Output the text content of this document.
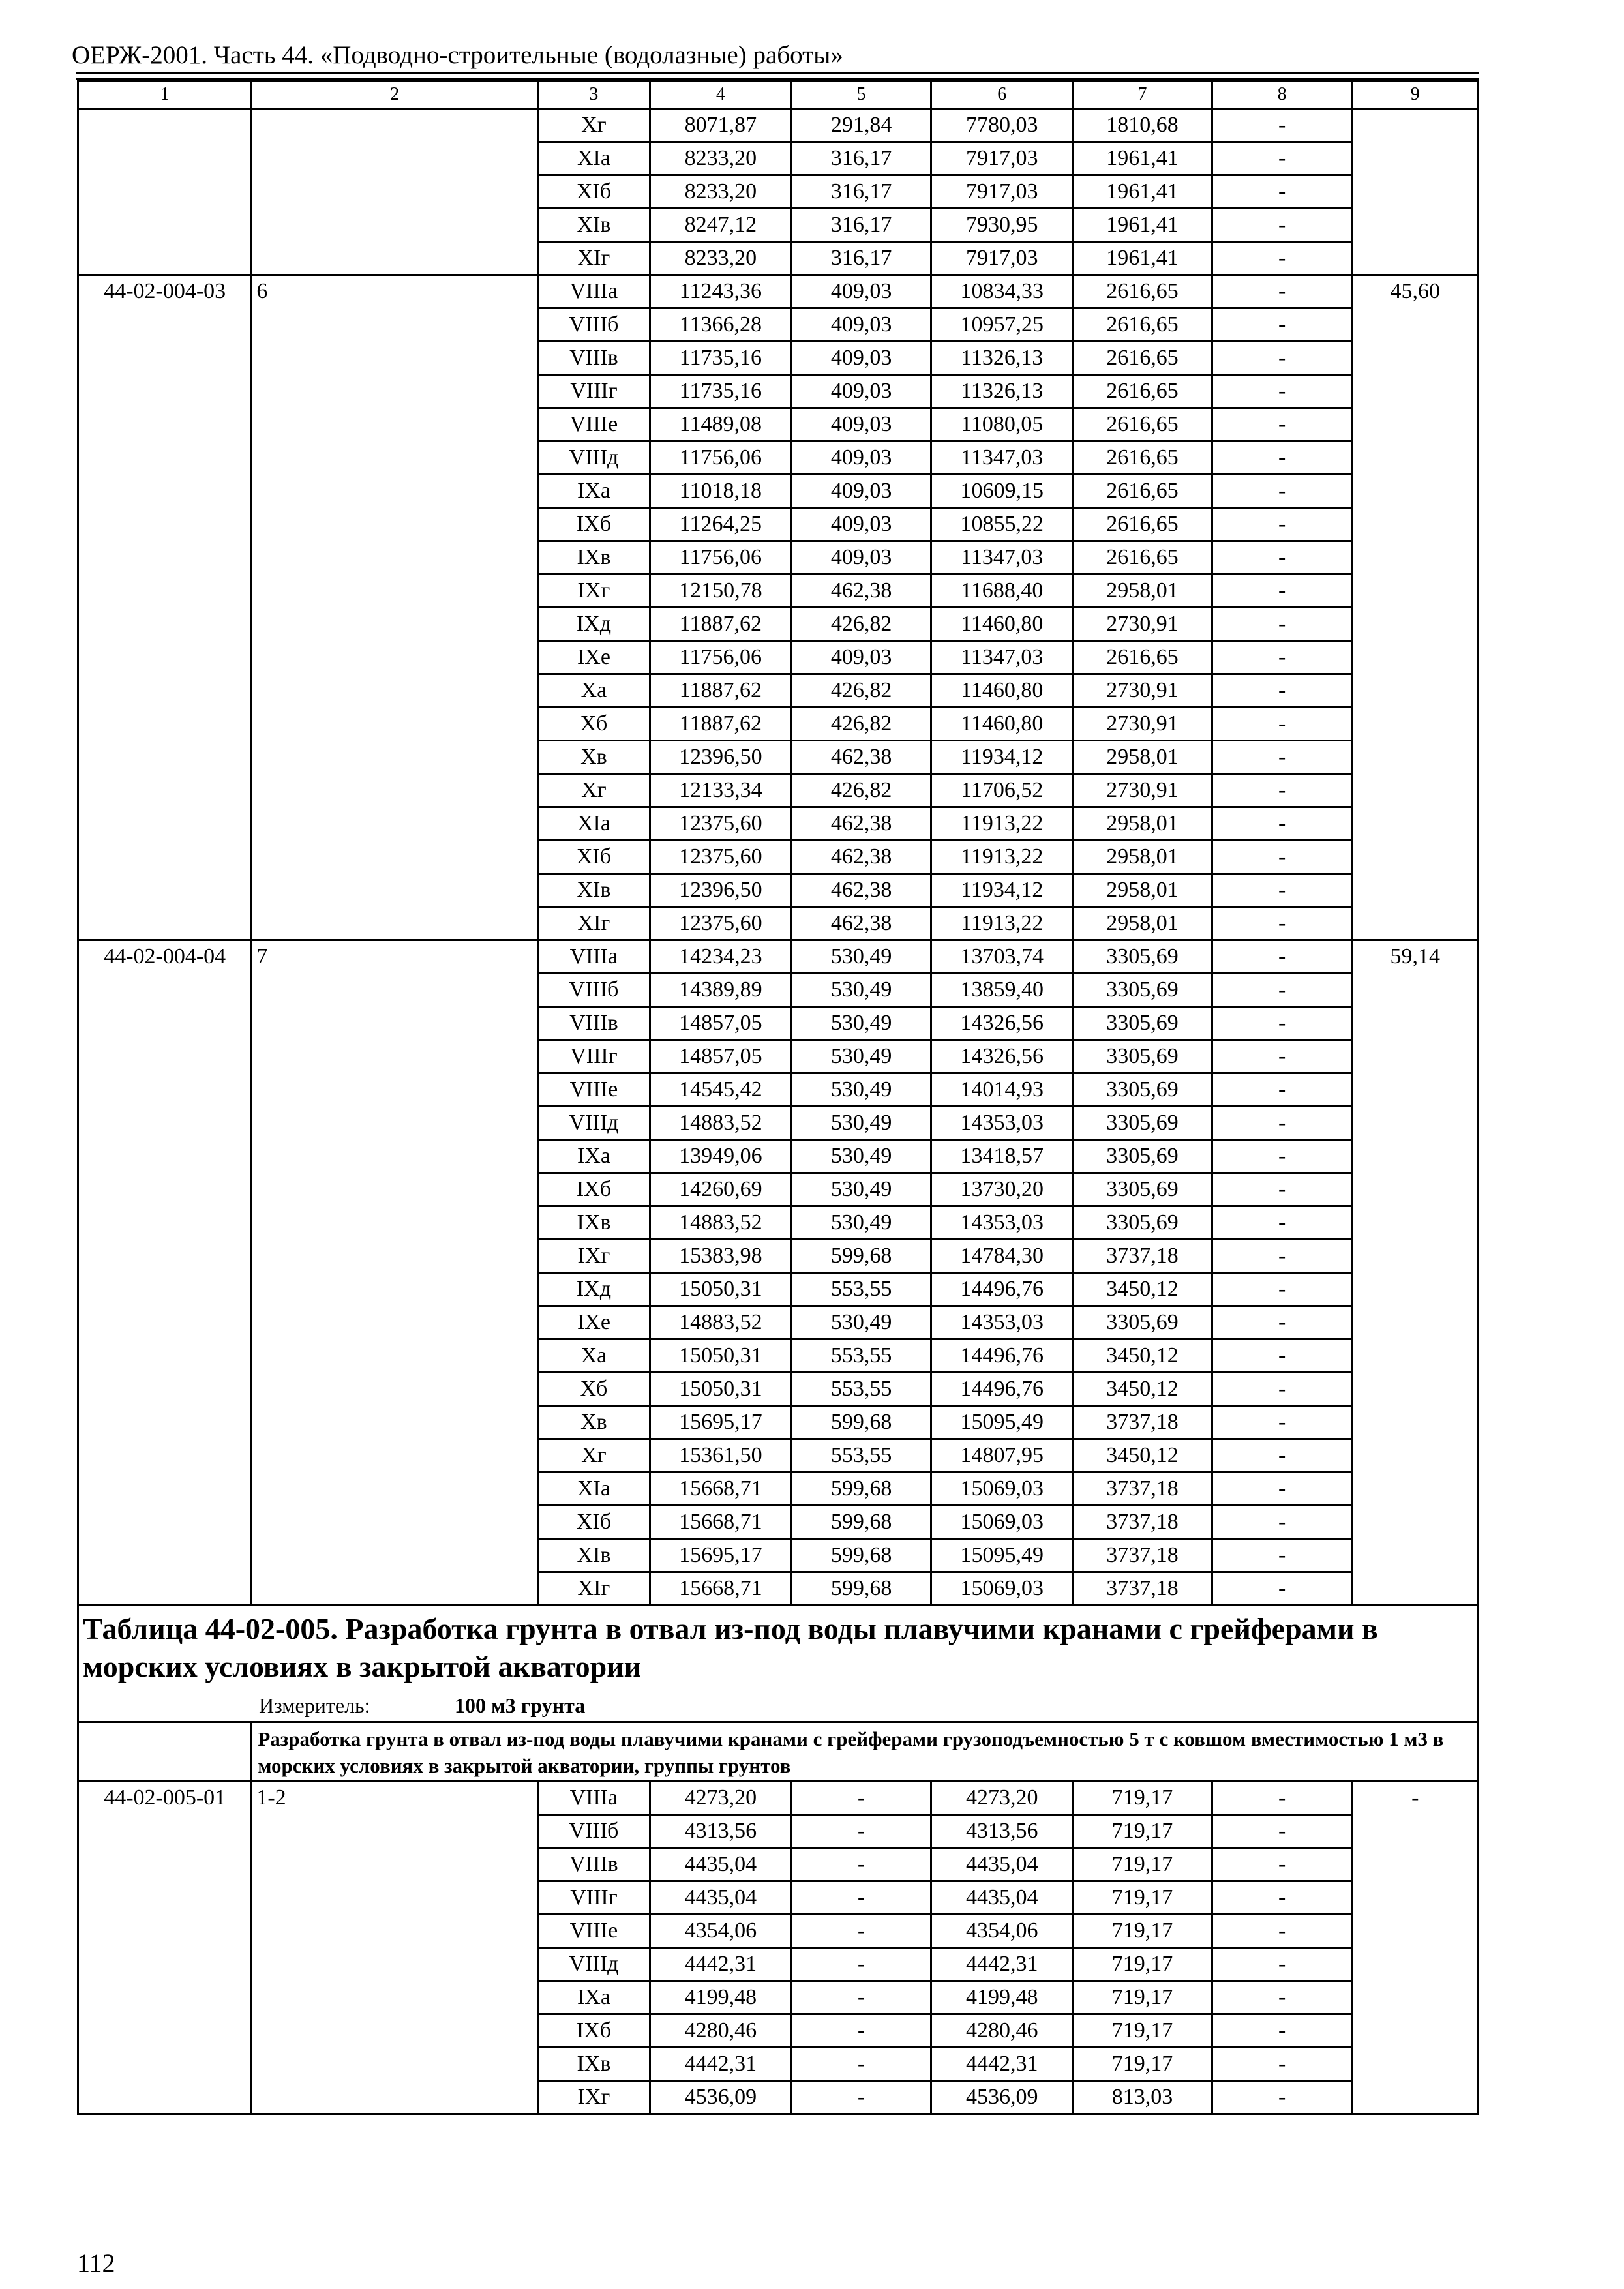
ОЕРЖ-2001. Часть 44. «Подводно-строительные (водолазные) работы»
1	2	3	4	5	6	7	8	9
		Xг	8071,87	291,84	7780,03	1810,68	-	
		XIа	8233,20	316,17	7917,03	1961,41	-	
		XIб	8233,20	316,17	7917,03	1961,41	-	
		XIв	8247,12	316,17	7930,95	1961,41	-	
		XIг	8233,20	316,17	7917,03	1961,41	-	
44-02-004-03	6	VIIIа	11243,36	409,03	10834,33	2616,65	-	45,60
		VIIIб	11366,28	409,03	10957,25	2616,65	-	
		VIIIв	11735,16	409,03	11326,13	2616,65	-	
		VIIIг	11735,16	409,03	11326,13	2616,65	-	
		VIIIе	11489,08	409,03	11080,05	2616,65	-	
		VIIIд	11756,06	409,03	11347,03	2616,65	-	
		IXа	11018,18	409,03	10609,15	2616,65	-	
		IXб	11264,25	409,03	10855,22	2616,65	-	
		IXв	11756,06	409,03	11347,03	2616,65	-	
		IXг	12150,78	462,38	11688,40	2958,01	-	
		IXд	11887,62	426,82	11460,80	2730,91	-	
		IXе	11756,06	409,03	11347,03	2616,65	-	
		Xа	11887,62	426,82	11460,80	2730,91	-	
		Xб	11887,62	426,82	11460,80	2730,91	-	
		Xв	12396,50	462,38	11934,12	2958,01	-	
		Xг	12133,34	426,82	11706,52	2730,91	-	
		XIа	12375,60	462,38	11913,22	2958,01	-	
		XIб	12375,60	462,38	11913,22	2958,01	-	
		XIв	12396,50	462,38	11934,12	2958,01	-	
		XIг	12375,60	462,38	11913,22	2958,01	-	
44-02-004-04	7	VIIIа	14234,23	530,49	13703,74	3305,69	-	59,14
		VIIIб	14389,89	530,49	13859,40	3305,69	-	
		VIIIв	14857,05	530,49	14326,56	3305,69	-	
		VIIIг	14857,05	530,49	14326,56	3305,69	-	
		VIIIе	14545,42	530,49	14014,93	3305,69	-	
		VIIIд	14883,52	530,49	14353,03	3305,69	-	
		IXа	13949,06	530,49	13418,57	3305,69	-	
		IXб	14260,69	530,49	13730,20	3305,69	-	
		IXв	14883,52	530,49	14353,03	3305,69	-	
		IXг	15383,98	599,68	14784,30	3737,18	-	
		IXд	15050,31	553,55	14496,76	3450,12	-	
		IXе	14883,52	530,49	14353,03	3305,69	-	
		Xа	15050,31	553,55	14496,76	3450,12	-	
		Xб	15050,31	553,55	14496,76	3450,12	-	
		Xв	15695,17	599,68	15095,49	3737,18	-	
		Xг	15361,50	553,55	14807,95	3450,12	-	
		XIа	15668,71	599,68	15069,03	3737,18	-	
		XIб	15668,71	599,68	15069,03	3737,18	-	
		XIв	15695,17	599,68	15095,49	3737,18	-	
		XIг	15668,71	599,68	15069,03	3737,18	-	

Таблица 44-02-005. Разработка грунта в отвал из-под воды плавучими кранами с грейферами в морских условиях в закрытой акватории
Измеритель: 100 м3 грунта								

	Разработка грунта в отвал из-под воды плавучими кранами с грейферами грузоподъемностью 5 т с ковшом вместимостью 1 м3 в морских условиях в закрытой акватории, группы грунтов							
44-02-005-01	1-2	VIIIа	4273,20	-	4273,20	719,17	-	-
		VIIIб	4313,56	-	4313,56	719,17	-	
		VIIIв	4435,04	-	4435,04	719,17	-	
		VIIIг	4435,04	-	4435,04	719,17	-	
		VIIIе	4354,06	-	4354,06	719,17	-	
		VIIIд	4442,31	-	4442,31	719,17	-	
		IXа	4199,48	-	4199,48	719,17	-	
		IXб	4280,46	-	4280,46	719,17	-	
		IXв	4442,31	-	4442,31	719,17	-	
		IXг	4536,09	-	4536,09	813,03	-	
112
